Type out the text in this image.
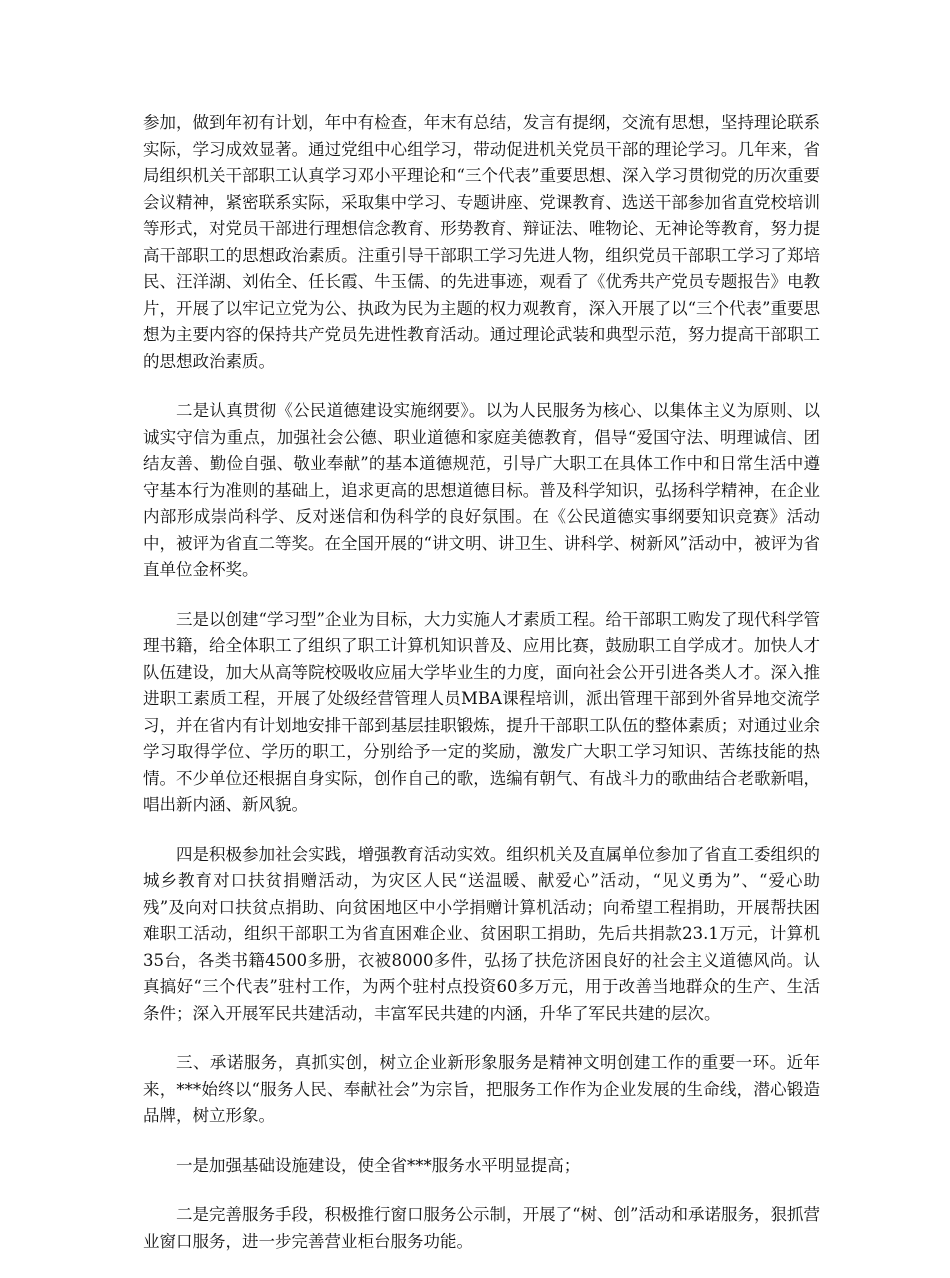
参加，做到年初有计划，年中有检查，年末有总结，发言有提纲，交流有思想，坚持理论联系实际，学习成效显著。通过党组中心组学习，带动促进机关党员干部的理论学习。几年来，省局组织机关干部职工认真学习邓小平理论和“三个代表”重要思想、深入学习贯彻党的历次重要会议精神，紧密联系实际，采取集中学习、专题讲座、党课教育、选送干部参加省直党校培训等形式，对党员干部进行理想信念教育、形势教育、辩证法、唯物论、无神论等教育，努力提高干部职工的思想政治素质。注重引导干部职工学习先进人物，组织党员干部职工学习了郑培民、汪洋湖、刘佑全、任长霞、牛玉儒、的先进事迹，观看了《优秀共产党员专题报告》电教片，开展了以牢记立党为公、执政为民为主题的权力观教育，深入开展了以“三个代表”重要思想为主要内容的保持共产党员先进性教育活动。通过理论武装和典型示范，努力提高干部职工的思想政治素质。

二是认真贯彻《公民道德建设实施纲要》。以为人民服务为核心、以集体主义为原则、以诚实守信为重点，加强社会公德、职业道德和家庭美德教育，倡导“爱国守法、明理诚信、团结友善、勤俭自强、敬业奉献”的基本道德规范，引导广大职工在具体工作中和日常生活中遵守基本行为准则的基础上，追求更高的思想道德目标。普及科学知识，弘扬科学精神，在企业内部形成崇尚科学、反对迷信和伪科学的良好氛围。在《公民道德实事纲要知识竞赛》活动中，被评为省直二等奖。在全国开展的“讲文明、讲卫生、讲科学、树新风”活动中，被评为省直单位金杯奖。

三是以创建“学习型”企业为目标，大力实施人才素质工程。给干部职工购发了现代科学管理书籍，给全体职工了组织了职工计算机知识普及、应用比赛，鼓励职工自学成才。加快人才队伍建设，加大从高等院校吸收应届大学毕业生的力度，面向社会公开引进各类人才。深入推进职工素质工程，开展了处级经营管理人员MBA课程培训，派出管理干部到外省异地交流学习，并在省内有计划地安排干部到基层挂职锻炼，提升干部职工队伍的整体素质；对通过业余学习取得学位、学历的职工，分别给予一定的奖励，激发广大职工学习知识、苦练技能的热情。不少单位还根据自身实际，创作自己的歌，选编有朝气、有战斗力的歌曲结合老歌新唱，唱出新内涵、新风貌。

四是积极参加社会实践，增强教育活动实效。组织机关及直属单位参加了省直工委组织的城乡教育对口扶贫捐赠活动，为灾区人民“送温暖、献爱心”活动，“见义勇为”、“爱心助残”及向对口扶贫点捐助、向贫困地区中小学捐赠计算机活动；向希望工程捐助，开展帮扶困难职工活动，组织干部职工为省直困难企业、贫困职工捐助，先后共捐款23.1万元，计算机35台，各类书籍4500多册，衣被8000多件，弘扬了扶危济困良好的社会主义道德风尚。认真搞好“三个代表”驻村工作，为两个驻村点投资60多万元，用于改善当地群众的生产、生活条件；深入开展军民共建活动，丰富军民共建的内涵，升华了军民共建的层次。

三、承诺服务，真抓实创，树立企业新形象服务是精神文明创建工作的重要一环。近年来，***始终以“服务人民、奉献社会”为宗旨，把服务工作作为企业发展的生命线，潜心锻造品牌，树立形象。

一是加强基础设施建设，使全省***服务水平明显提高；

二是完善服务手段，积极推行窗口服务公示制，开展了“树、创”活动和承诺服务，狠抓营业窗口服务，进一步完善营业柜台服务功能。
